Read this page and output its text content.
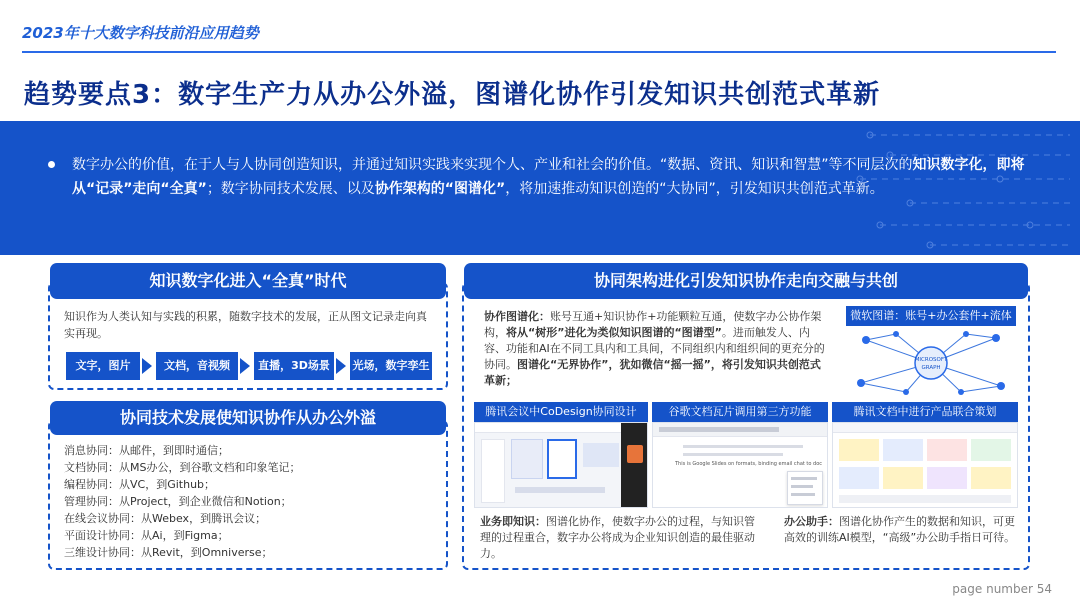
2023年十大数字科技前沿应用趋势
趋势要点3：数字生产力从办公外溢，图谱化协作引发知识共创范式革新
数字办公的价值，在于人与人协同创造知识，并通过知识实践来实现个人、产业和社会的价值。“数据、资讯、知识和智慧”等不同层次的知识数字化，即将从“记录”走向“全真”；数字协同技术发展、以及协作架构的“图谱化”，将加速推动知识创造的“大协同”，引发知识共创范式革新。
知识数字化进入“全真”时代
知识作为人类认知与实践的积累，随数字技术的发展，正从图文记录走向真实再现。
文字，图片	文档，音视频	直播，3D场景	光场，数字孪生
协同技术发展使知识协作从办公外溢
消息协同：从邮件，到即时通信；
文档协同：从MS办公，到谷歌文档和印象笔记；
编程协同：从VC，到Github；
管理协同：从Project，到企业微信和Notion；
在线会议协同：从Webex，到腾讯会议；
平面设计协同：从Ai，到Figma；
三维设计协同：从Revit，到Omniverse；
协同架构进化引发知识协作走向交融与共创
协作图谱化：账号互通+知识协作+功能颗粒互通，使数字办公协作架构，将从“树形”进化为类似知识图谱的“图谱型”。进而触发人、内容、功能和AI在不同工具内和工具间，不同组织内和组织间的更充分的协同。图谱化“无界协作”，犹如微信“摇一摇”，将引发知识共创范式革新；
微软图谱：账号+办公套件+流体
MICROSOFT
GRAPH
腾讯会议中CoDesign协同设计	谷歌文档瓦片调用第三方功能	腾讯文档中进行产品联合策划
This is Google Slides on formats, binding email chat to doc
业务即知识：图谱化协作，使数字办公的过程，与知识管理的过程重合，数字办公将成为企业知识创造的最佳驱动力。
办公助手：图谱化协作产生的数据和知识，可更高效的训练AI模型，“高级”办公助手指日可待。
page number 54
